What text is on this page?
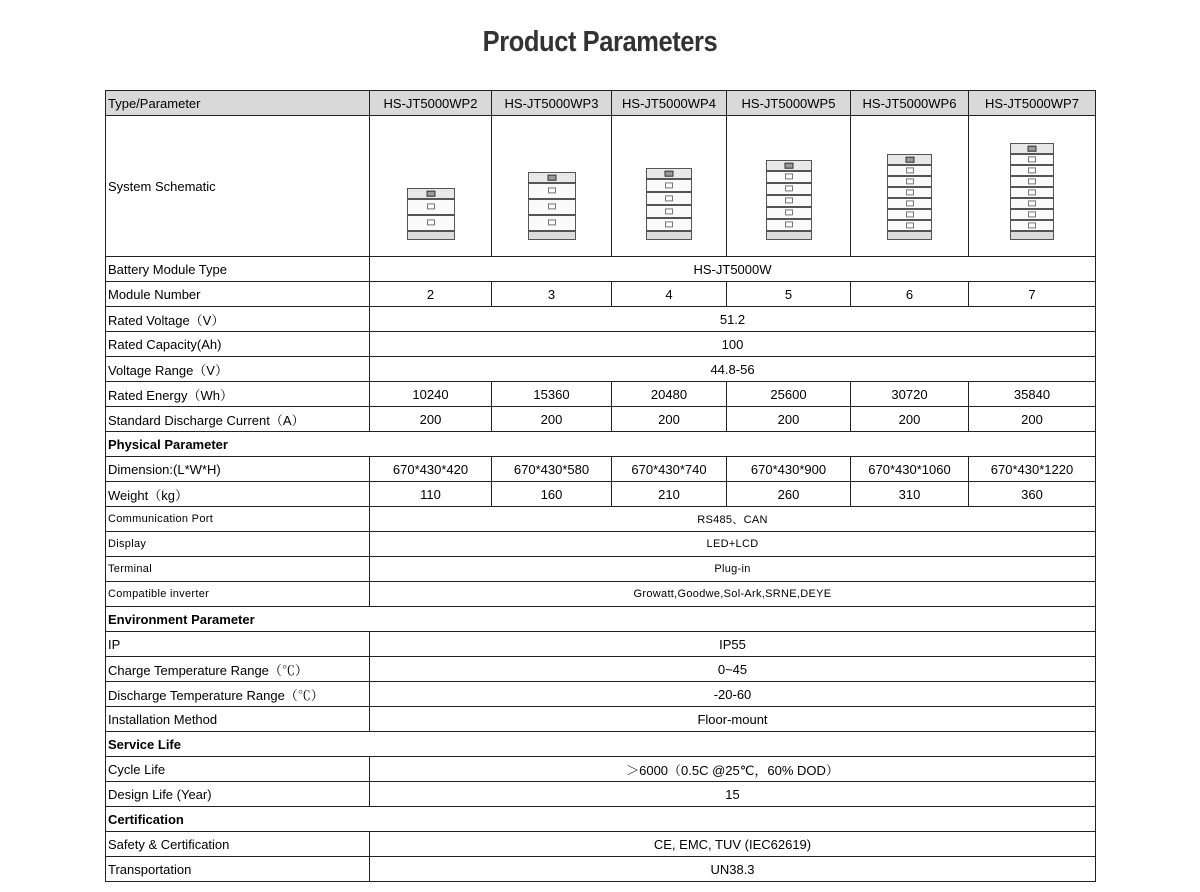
Product Parameters
Type/Parameter	HS-JT5000WP2	HS-JT5000WP3	HS-JT5000WP4	HS-JT5000WP5	HS-JT5000WP6	HS-JT5000WP7
System Schematic	

Battery Module Type	HS-JT5000W					
Module Number	2	3	4	5	6	7
Rated Voltage（V）	51.2					
Rated Capacity(Ah)	100					
Voltage Range（V）	44.8-56					
Rated Energy（Wh）	10240	15360	20480	25600	30720	35840
Standard Discharge Current（A）	200	200	200	200	200	200
Physical Parameter						
Dimension:(L*W*H)	670*430*420	670*430*580	670*430*740	670*430*900	670*430*1060	670*430*1220
Weight（kg）	110	160	210	260	310	360
Communication Port	RS485、CAN					
Display	LED+LCD					
Terminal	Plug-in					
Compatible inverter	Growatt,Goodwe,Sol-Ark,SRNE,DEYE					
Environment Parameter						
IP	IP55					
Charge Temperature Range（℃）	0~45					
Discharge Temperature Range（℃）	-20-60					
Installation Method	Floor-mount					
Service Life						
Cycle Life	＞6000（0.5C @25℃，60% DOD）					
Design Life (Year)	15					
Certification						
Safety & Certification	CE, EMC, TUV (IEC62619)					
Transportation	UN38.3					
